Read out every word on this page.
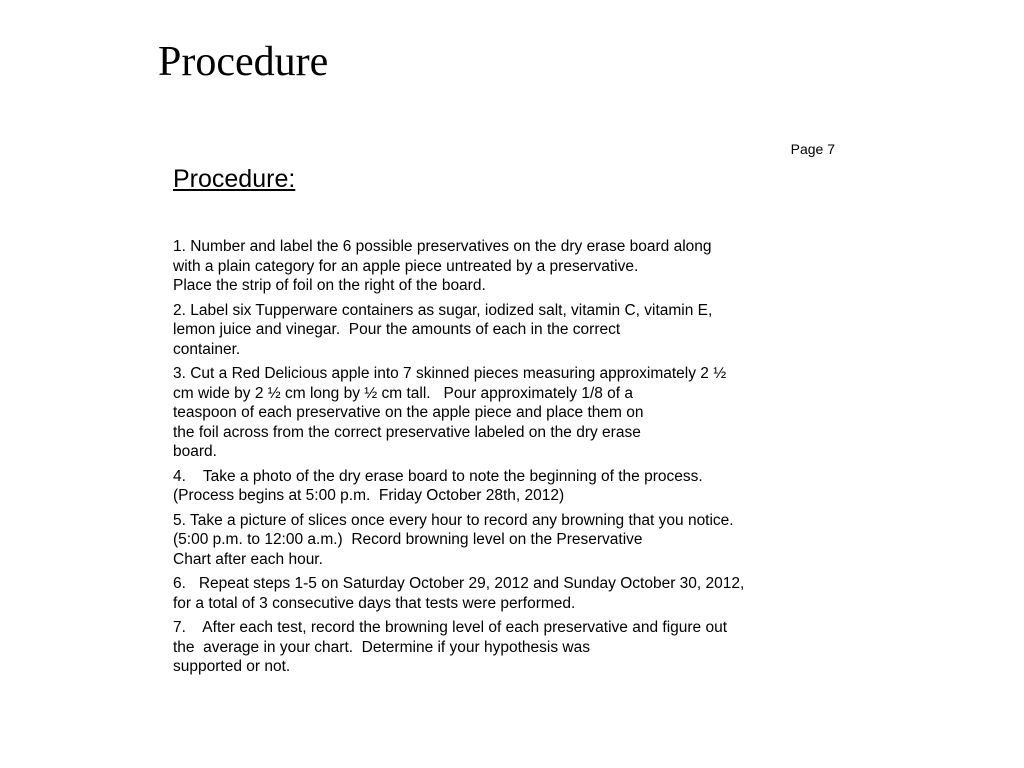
Procedure
Page 7
Procedure:
1. Number and label the 6 possible preservatives on the dry erase board along
with a plain category for an apple piece untreated by a preservative.
Place the strip of foil on the right of the board.
2. Label six Tupperware containers as sugar, iodized salt, vitamin C, vitamin E,
lemon juice and vinegar.  Pour the amounts of each in the correct
container.
3. Cut a Red Delicious apple into 7 skinned pieces measuring approximately 2 ½
cm wide by 2 ½ cm long by ½ cm tall.   Pour approximately 1/8 of a
teaspoon of each preservative on the apple piece and place them on
the foil across from the correct preservative labeled on the dry erase
board.
4.    Take a photo of the dry erase board to note the beginning of the process.
(Process begins at 5:00 p.m.  Friday October 28th, 2012)
5. Take a picture of slices once every hour to record any browning that you notice.
(5:00 p.m. to 12:00 a.m.)  Record browning level on the Preservative
Chart after each hour.
6.   Repeat steps 1-5 on Saturday October 29, 2012 and Sunday October 30, 2012,
for a total of 3 consecutive days that tests were performed.
7.    After each test, record the browning level of each preservative and figure out
the  average in your chart.  Determine if your hypothesis was
supported or not.
